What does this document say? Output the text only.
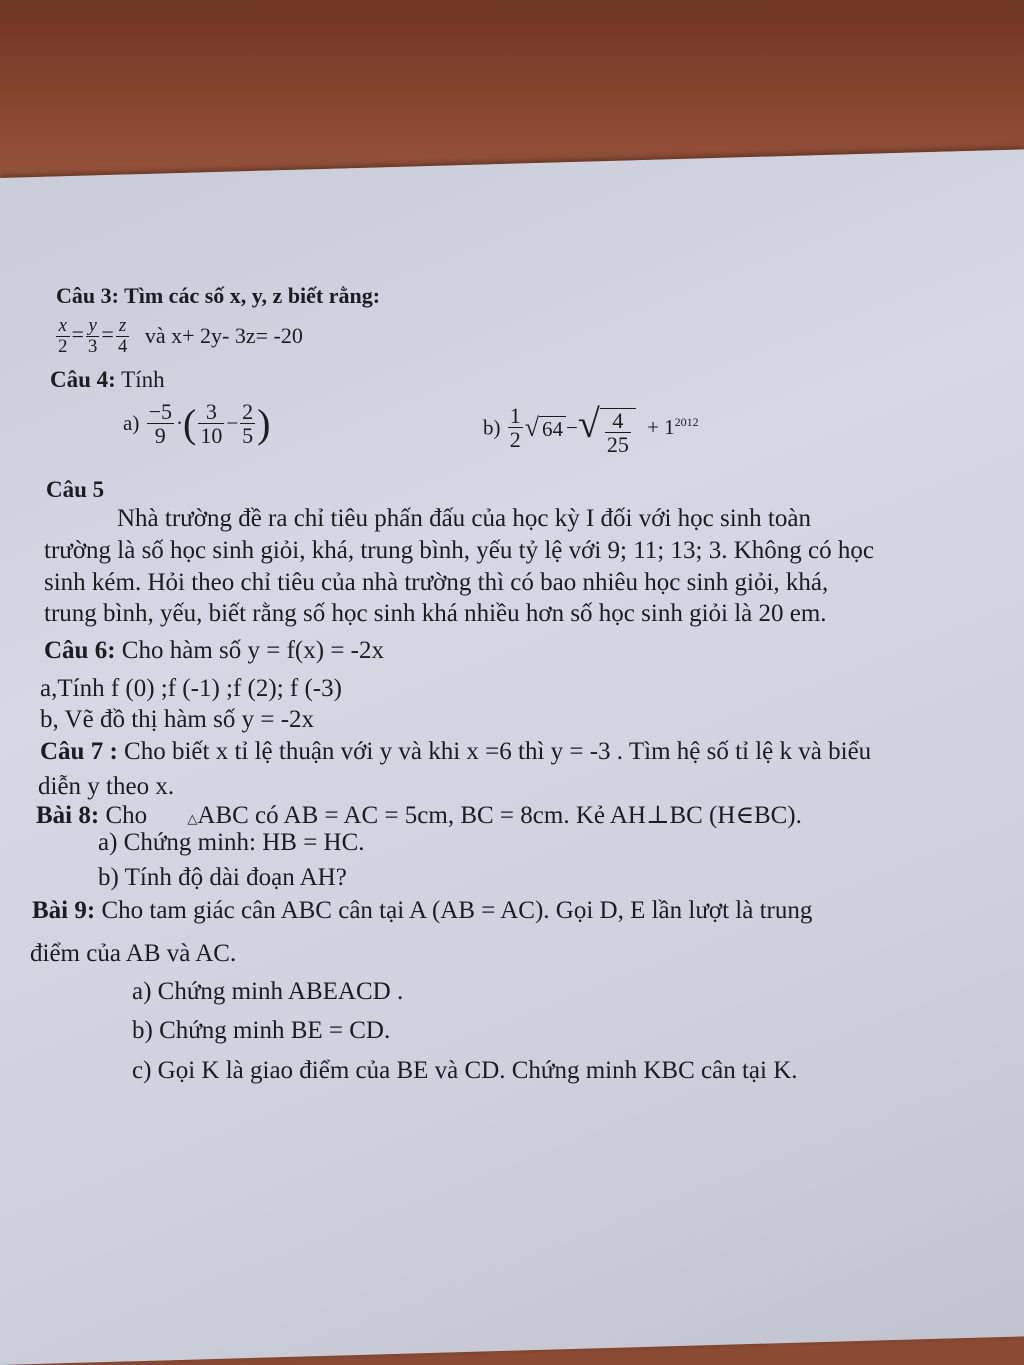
Câu 3: Tìm các số x, y, z biết rằng:
$\frac{x}{2} = \frac{y}{3} = \frac{z}{4}$ và x+ 2y- 3z= -20
Câu 4: Tính
$a) \frac{-5}{9}$ ·( $\frac{3}{10} - \frac{2}{5}$ )	$b) \frac{1}{2}$ √ 64 −√ $\frac{4}{25} + 1^{2012}$
Câu 5
Nhà trường đề ra chỉ tiêu phấn đấu của học kỳ I đối với học sinh toàn
trường là số học sinh giỏi, khá, trung bình, yếu tỷ lệ với 9; 11; 13; 3. Không có học
sinh kém. Hỏi theo chỉ tiêu của nhà trường thì có bao nhiêu học sinh giỏi, khá,
trung bình, yếu, biết rằng số học sinh khá nhiều hơn số học sinh giỏi là 20 em.
Câu 6: Cho hàm số y = f(x) = -2x
a,Tính f (0) ;f (-1) ;f (2); f (-3)
b, Vẽ đồ thị hàm số y = -2x
Câu 7 : Cho biết x tỉ lệ thuận với y và khi x =6 thì y = -3 . Tìm hệ số tỉ lệ k và biểu
diễn y theo x.
Bài 8: Cho	△ABC có AB = AC = 5cm, BC = 8cm. Kẻ AH⊥BC (H∈BC).
a) Chứng minh: HB = HC.
b) Tính độ dài đoạn AH?
Bài 9: Cho tam giác cân ABC cân tại A (AB = AC). Gọi D, E lần lượt là trung
điểm của AB và AC.
a) Chứng minh ABEACD .
b) Chứng minh BE = CD.
c) Gọi K là giao điểm của BE và CD. Chứng minh KBC cân tại K.
